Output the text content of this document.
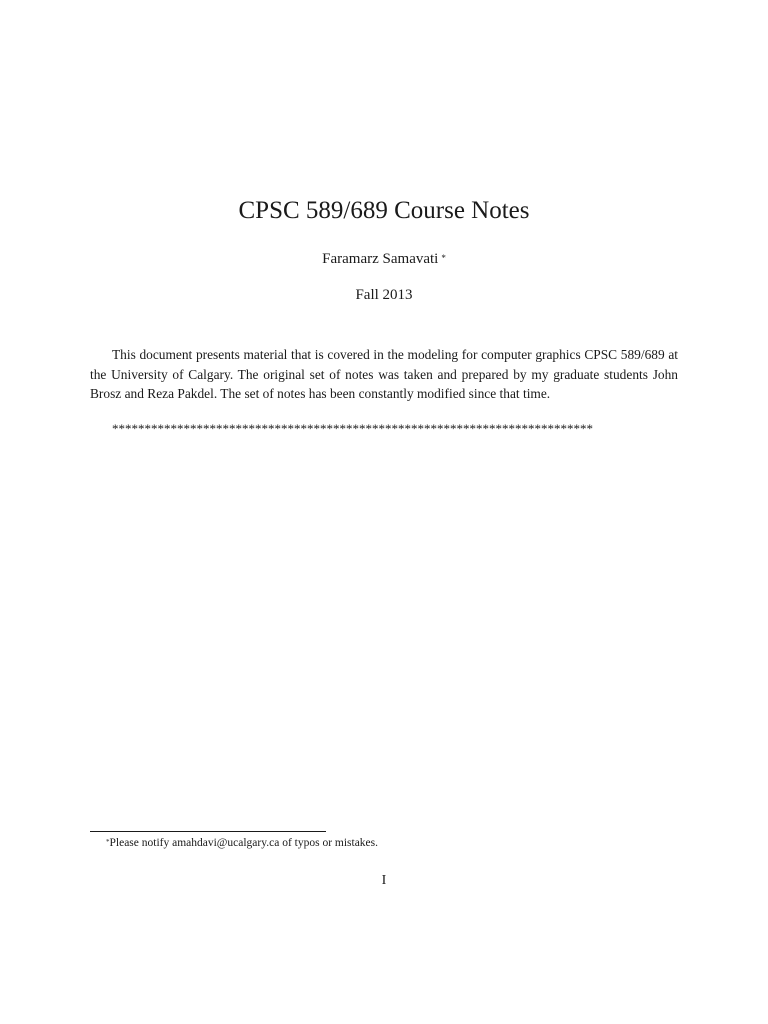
CPSC 589/689 Course Notes
Faramarz Samavati *
Fall 2013

This document presents material that is covered in the modeling for computer graphics CPSC 589/689 at the University of Calgary. The original set of notes was taken and prepared by my graduate students John Brosz and Reza Pakdel. The set of notes has been constantly modified since that time.

**************************************************************************
*Please notify amahdavi@ucalgary.ca of typos or mistakes.
I
